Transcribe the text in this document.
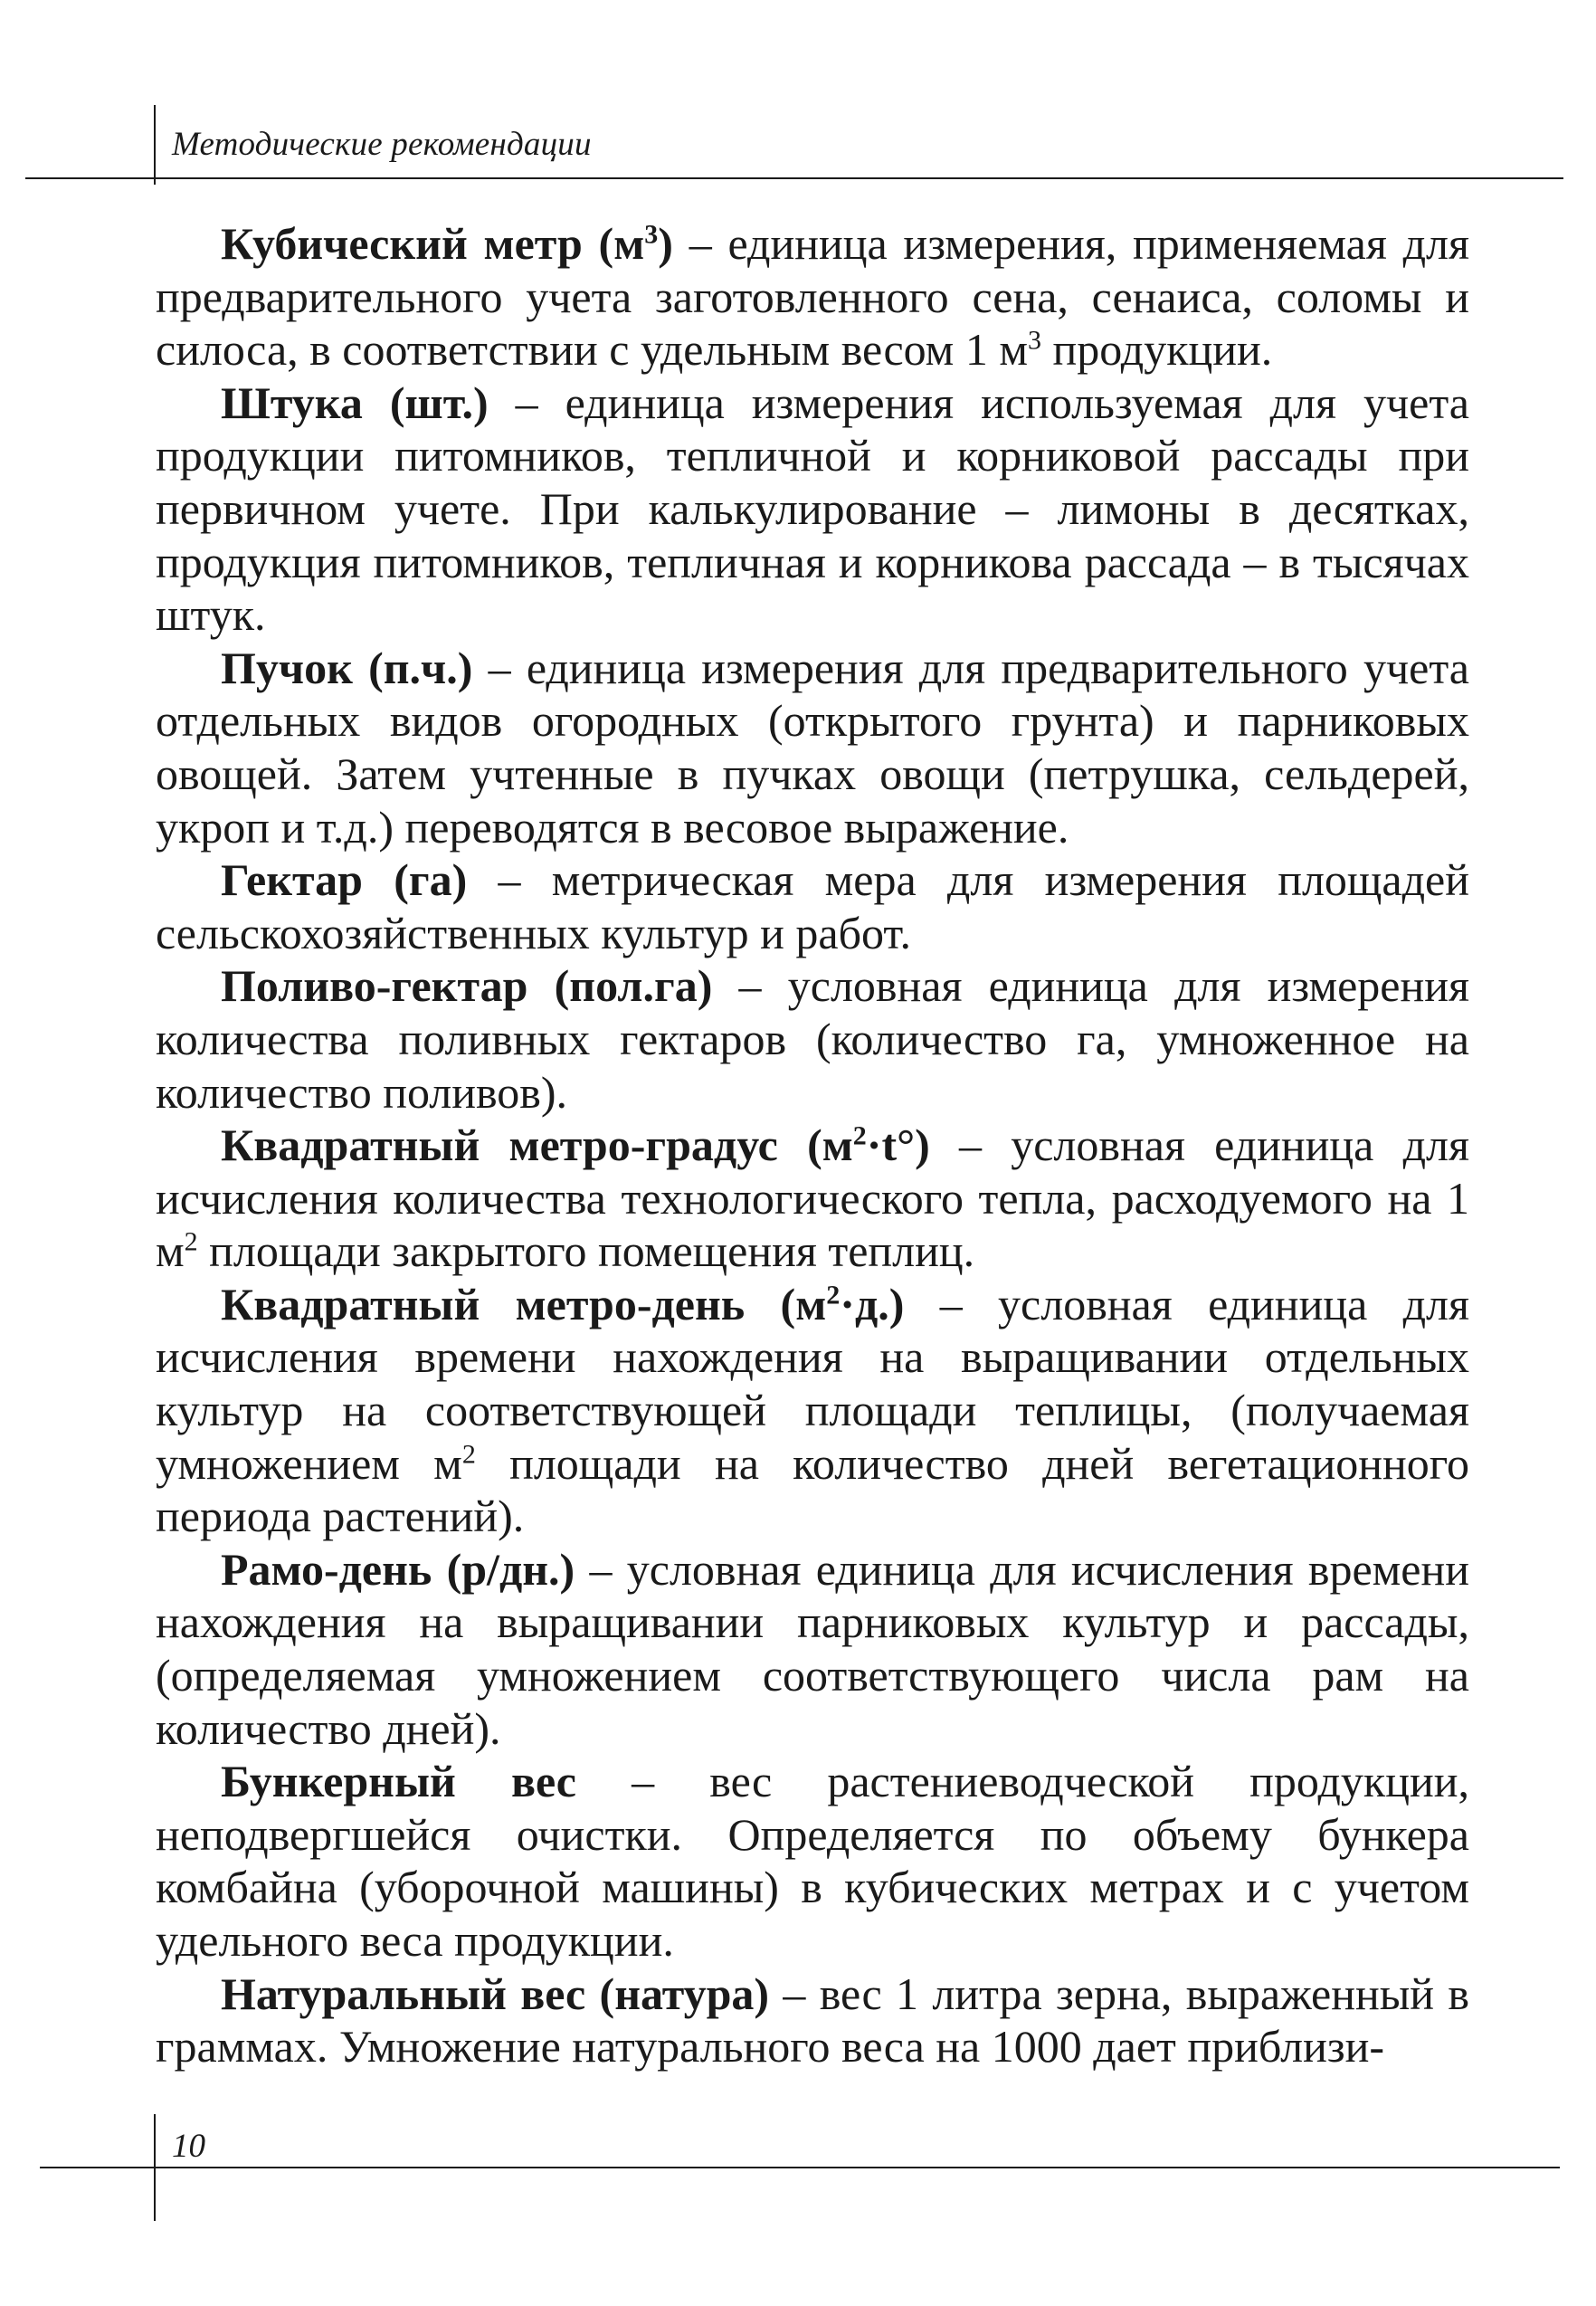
Методические рекомендации

Кубический метр $(м^3)$ – единица измерения, применяемая для предварительного учета заготовленного сена, сенаиса, соломы и силоса, в соответствии с удельным весом 1 $м^3$ продукции.

Штука (шт.) – единица измерения используемая для учета продукции питомников, тепличной и корниковой рассады при первичном учете. При калькулирование – лимоны в десятках, продукция питомников, тепличная и корникова рассада – в тысячах штук.

Пучок (п.ч.) – единица измерения для предварительного учета отдельных видов огородных (открытого грунта) и парниковых овощей. Затем учтенные в пучках овощи (петрушка, сельдерей, укроп и т.д.) переводятся в весовое выражение.

Гектар (га) – метрическая мера для измерения площадей сельскохозяйственных культур и работ.

Поливо-гектар (пол.га) – условная единица для измерения количества поливных гектаров (количество га, умноженное на количество поливов).

Квадратный метро-градус $(м^2\cdot t^\circ)$ – условная единица для исчисления количества технологического тепла, расходуемого на 1 $м^2$ площади закрытого помещения теплиц.

Квадратный метро-день $(м^2\cdot д.)$ – условная единица для исчисления времени нахождения на выращивании отдельных культур на соответствующей площади теплицы, (получаемая умножением $м^2$ площади на количество дней вегетационного периода растений).

Рамо-день (р/дн.) – условная единица для исчисления времени нахождения на выращивании парниковых культур и рассады, (определяемая умножением соответствующего числа рам на количество дней).

Бункерный вес – вес растениеводческой продукции, неподвергшейся очистки. Определяется по объему бункера комбайна (уборочной машины) в кубических метрах и с учетом удельного веса продукции.

Натуральный вес (натура) – вес 1 литра зерна, выраженный в граммах. Умножение натурального веса на 1000 дает приблизи-

10
